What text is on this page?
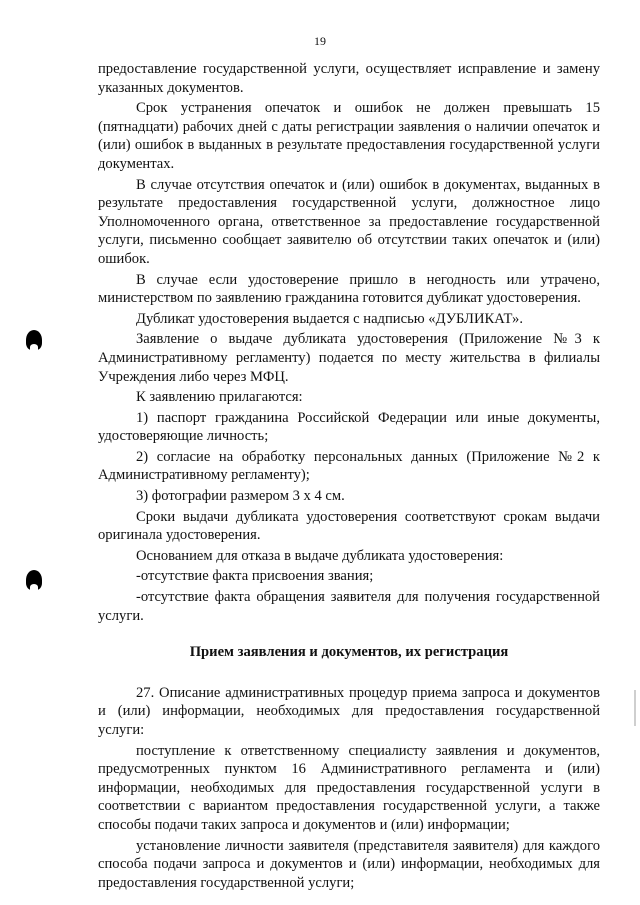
19

предоставление государственной услуги, осуществляет исправление и замену указанных документов.

Срок устранения опечаток и ошибок не должен превышать 15 (пятнадцати) рабочих дней с даты регистрации заявления о наличии опечаток и (или) ошибок в выданных в результате предоставления государственной услуги документах.

В случае отсутствия опечаток и (или) ошибок в документах, выданных в результате предоставления государственной услуги, должностное лицо Уполномоченного органа, ответственное за предоставление государственной услуги, письменно сообщает заявителю об отсутствии таких опечаток и (или) ошибок.

В случае если удостоверение пришло в негодность или утрачено, министерством по заявлению гражданина готовится дубликат удостоверения.

Дубликат удостоверения выдается с надписью «ДУБЛИКАТ».

Заявление о выдаче дубликата удостоверения (Приложение №3 к Административному регламенту) подается по месту жительства в филиалы Учреждения либо через МФЦ.

К заявлению прилагаются:

1) паспорт гражданина Российской Федерации или иные документы, удостоверяющие личность;

2) согласие на обработку персональных данных (Приложение №2 к Административному регламенту);

3) фотографии размером 3 х 4 см.

Сроки выдачи дубликата удостоверения соответствуют срокам выдачи оригинала удостоверения.

Основанием для отказа в выдаче дубликата удостоверения:

-отсутствие факта присвоения звания;

-отсутствие факта обращения заявителя для получения государственной услуги.

Прием заявления и документов, их регистрация

27. Описание административных процедур приема запроса и документов и (или) информации, необходимых для предоставления государственной услуги:

поступление к ответственному специалисту заявления и документов, предусмотренных пунктом 16 Административного регламента и (или) информации, необходимых для предоставления государственной услуги в соответствии с вариантом предоставления государственной услуги, а также способы подачи таких запроса и документов и (или) информации;

установление личности заявителя (представителя заявителя) для каждого способа подачи запроса и документов и (или) информации, необходимых для предоставления государственной услуги;
